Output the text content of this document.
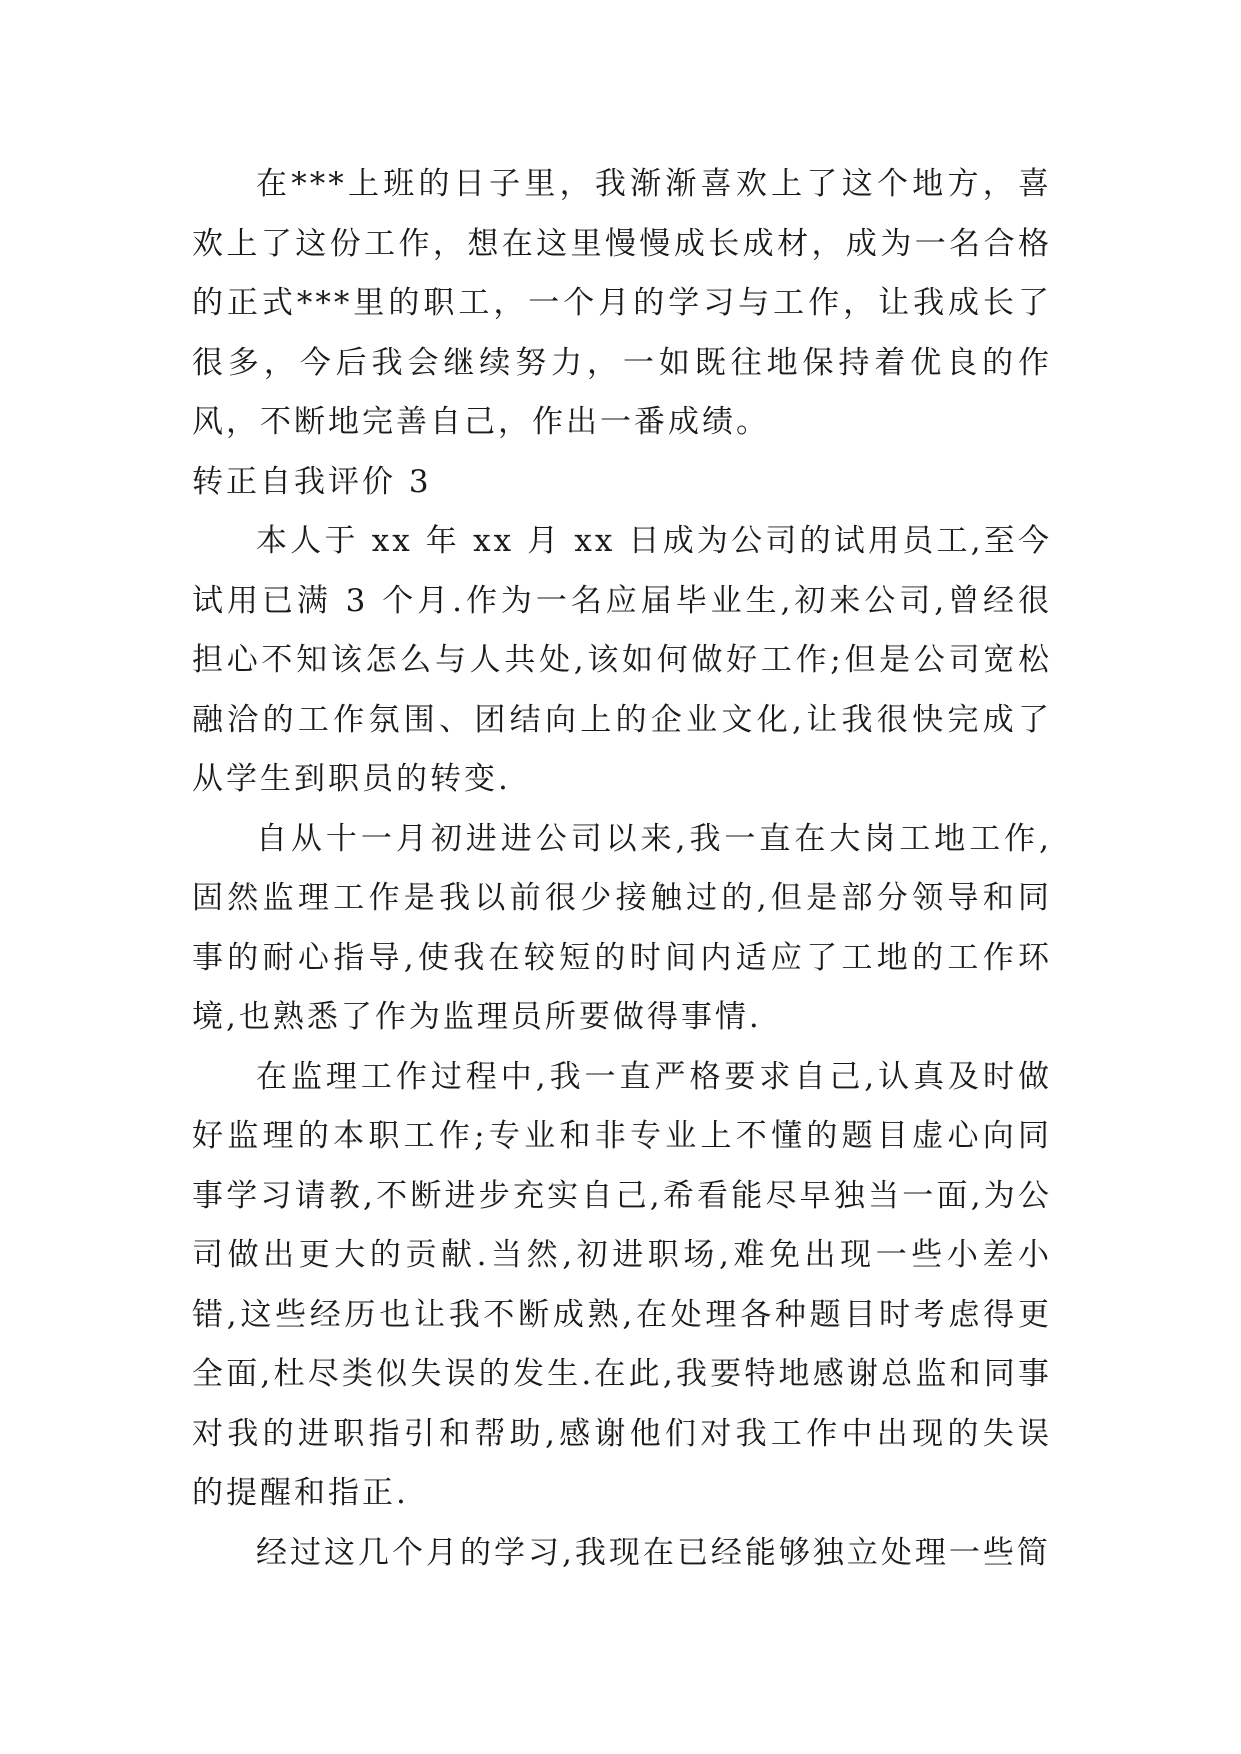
在***上班的日子里，我渐渐喜欢上了这个地方，喜欢上了这份工作，想在这里慢慢成长成材，成为一名合格的正式***里的职工，一个月的学习与工作，让我成长了很多，今后我会继续努力，一如既往地保持着优良的作风，不断地完善自己，作出一番成绩。

转正自我评价 3

本人于 xx 年 xx 月 xx 日成为公司的试用员工,至今试用已满 3 个月.作为一名应届毕业生,初来公司,曾经很担心不知该怎么与人共处,该如何做好工作;但是公司宽松融洽的工作氛围、团结向上的企业文化,让我很快完成了从学生到职员的转变.

自从十一月初进进公司以来,我一直在大岗工地工作,固然监理工作是我以前很少接触过的,但是部分领导和同事的耐心指导,使我在较短的时间内适应了工地的工作环境,也熟悉了作为监理员所要做得事情.

在监理工作过程中,我一直严格要求自己,认真及时做好监理的本职工作;专业和非专业上不懂的题目虚心向同事学习请教,不断进步充实自己,希看能尽早独当一面,为公司做出更大的贡献.当然,初进职场,难免出现一些小差小错,这些经历也让我不断成熟,在处理各种题目时考虑得更全面,杜尽类似失误的发生.在此,我要特地感谢总监和同事对我的进职指引和帮助,感谢他们对我工作中出现的失误的提醒和指正.

经过这几个月的学习,我现在已经能够独立处理一些简
